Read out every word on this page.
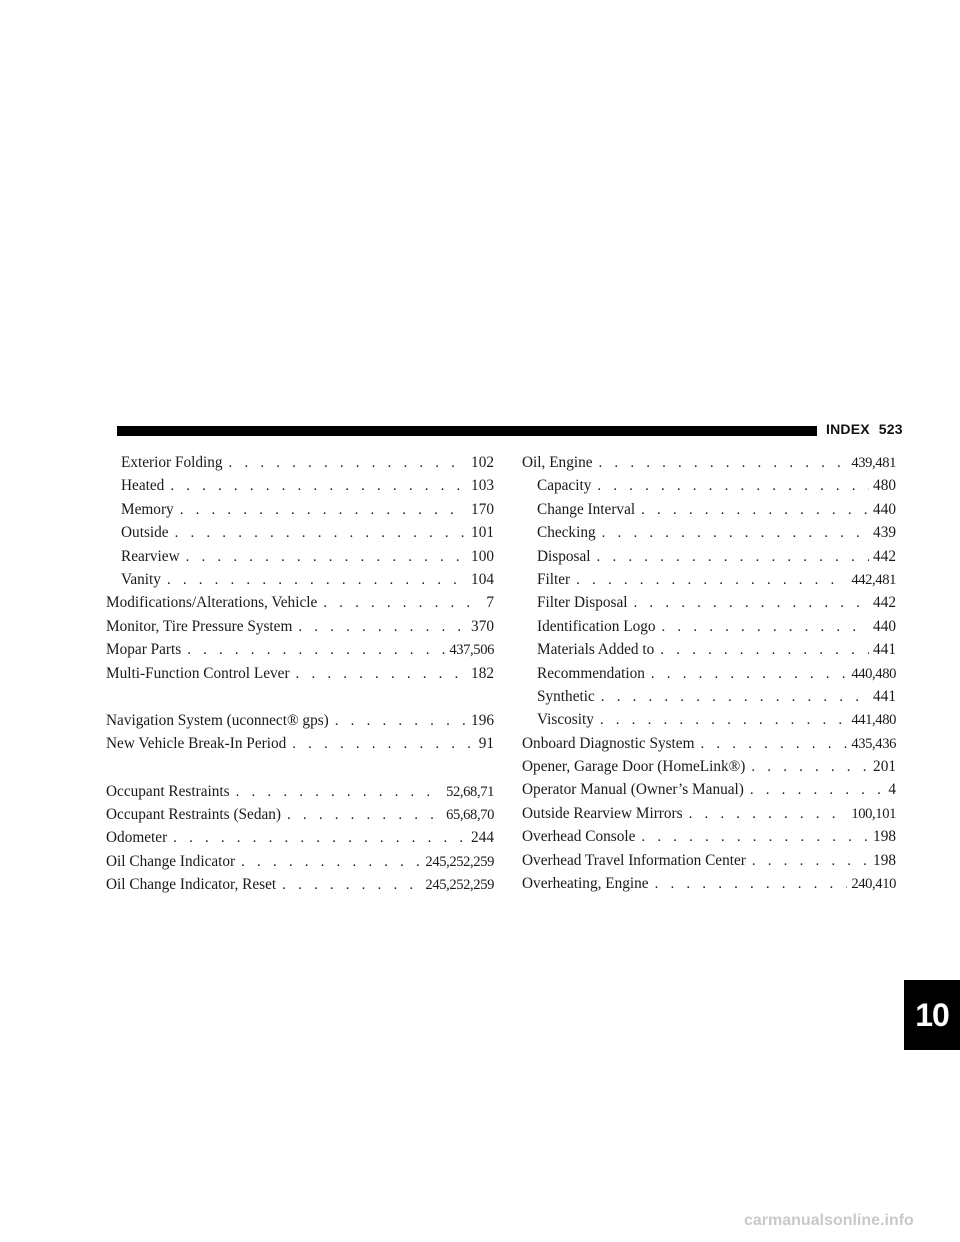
INDEX 523
Exterior Folding . . .	102
Heated . . .	103
Memory . . .	170
Outside . . .	101
Rearview . . .	100
Vanity . . .	104
Modifications/Alterations, Vehicle . . .	7
Monitor, Tire Pressure System . . .	370
Mopar Parts . . .	437,506
Multi-Function Control Lever . . .	182
Navigation System (uconnect® gps) . . .	196
New Vehicle Break-In Period . . .	91
Occupant Restraints . . .	52,68,71
Occupant Restraints (Sedan) . . .	65,68,70
Odometer . . .	244
Oil Change Indicator . . .	245,252,259
Oil Change Indicator, Reset . . .	245,252,259
Oil, Engine . . .	439,481
Capacity . . .	480
Change Interval . . .	440
Checking . . .	439
Disposal . . .	442
Filter . . .	442,481
Filter Disposal . . .	442
Identification Logo . . .	440
Materials Added to . . .	441
Recommendation . . .	440,480
Synthetic . . .	441
Viscosity . . .	441,480
Onboard Diagnostic System . . .	435,436
Opener, Garage Door (HomeLink®) . . .	201
Operator Manual (Owner’s Manual) . . .	4
Outside Rearview Mirrors . . .	100,101
Overhead Console . . .	198
Overhead Travel Information Center . . .	198
Overheating, Engine . . .	240,410
10
carmanualsonline.info
